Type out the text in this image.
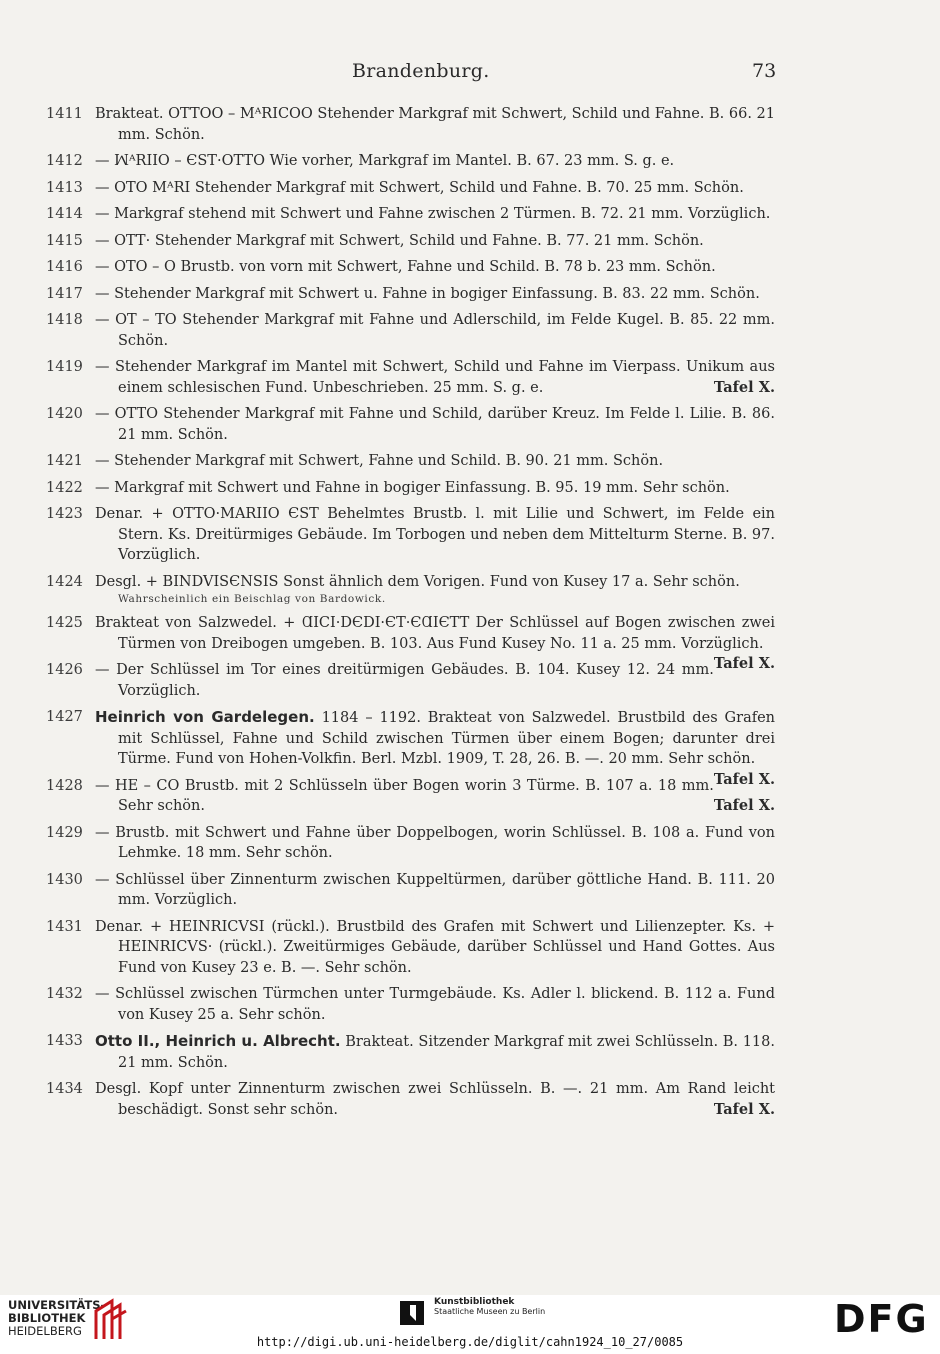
Brandenburg.	73
1411 Brakteat. OTTOO – MᴬRICOO Stehender Markgraf mit Schwert, Schild und Fahne. B. 66. 21 mm. Schön.
1412 — ꟽᴬRIIO – ЄST·OTTO Wie vorher, Markgraf im Mantel. B. 67. 23 mm. S. g. e.
1413 — OTO MᴬRI Stehender Markgraf mit Schwert, Schild und Fahne. B. 70. 25 mm. Schön.
1414 — Markgraf stehend mit Schwert und Fahne zwischen 2 Türmen. B. 72. 21 mm. Vorzüglich.
1415 — OTT· Stehender Markgraf mit Schwert, Schild und Fahne. B. 77. 21 mm. Schön.
1416 — OTO – O Brustb. von vorn mit Schwert, Fahne und Schild. B. 78 b. 23 mm. Schön.
1417 — Stehender Markgraf mit Schwert u. Fahne in bogiger Einfassung. B. 83. 22 mm. Schön.
1418 — OT – TO Stehender Markgraf mit Fahne und Adlerschild, im Felde Kugel. B. 85. 22 mm. Schön.
1419 — Stehender Markgraf im Mantel mit Schwert, Schild und Fahne im Vierpass. Unikum aus einem schlesischen Fund. Unbeschrieben. 25 mm. S. g. e.	Tafel X.
1420 — OTTO Stehender Markgraf mit Fahne und Schild, darüber Kreuz. Im Felde l. Lilie. B. 86. 21 mm. Schön.
1421 — Stehender Markgraf mit Schwert, Fahne und Schild. B. 90. 21 mm. Schön.
1422 — Markgraf mit Schwert und Fahne in bogiger Einfassung. B. 95. 19 mm. Sehr schön.
1423 Denar. + OTTO·MARIIO ЄST Behelmtes Brustb. l. mit Lilie und Schwert, im Felde ein Stern. Ks. Dreitürmiges Gebäude. Im Torbogen und neben dem Mittelturm Sterne. B. 97. Vorzüglich.
1424 Desgl. + BINDVISЄNSIS Sonst ähnlich dem Vorigen. Fund von Kusey 17 a. Sehr schön.
Wahrscheinlich ein Beischlag von Bardowick.
1425 Brakteat von Salzwedel. + ⱭIⅭI·DЄDI·ЄT·ЄⱭIЄTT Der Schlüssel auf Bogen zwischen zwei Türmen von Dreibogen umgeben. B. 103. Aus Fund Kusey No. 11 a. 25 mm. Vorzüglich.
Tafel X.
1426 — Der Schlüssel im Tor eines dreitürmigen Gebäudes. B. 104. Kusey 12. 24 mm. Vorzüglich.
1427 Heinrich von Gardelegen. 1184 – 1192. Brakteat von Salzwedel. Brustbild des Grafen mit Schlüssel, Fahne und Schild zwischen Türmen über einem Bogen; darunter drei Türme. Fund von Hohen-Volkfin. Berl. Mzbl. 1909, T. 28, 26. B. —. 20 mm. Sehr schön.
Tafel X.
1428 — HE – CO Brustb. mit 2 Schlüsseln über Bogen worin 3 Türme. B. 107 a. 18 mm. Sehr schön.	Tafel X.
1429 — Brustb. mit Schwert und Fahne über Doppelbogen, worin Schlüssel. B. 108 a. Fund von Lehmke. 18 mm. Sehr schön.
1430 — Schlüssel über Zinnenturm zwischen Kuppeltürmen, darüber göttliche Hand. B. 111. 20 mm. Vorzüglich.
1431 Denar. + HEINRICVSI (rückl.). Brustbild des Grafen mit Schwert und Lilienzepter. Ks. + HEINRICVS· (rückl.). Zweitürmiges Gebäude, darüber Schlüssel und Hand Gottes. Aus Fund von Kusey 23 e. B. —. Sehr schön.
1432 — Schlüssel zwischen Türmchen unter Turmgebäude. Ks. Adler l. blickend. B. 112 a. Fund von Kusey 25 a. Sehr schön.
1433 Otto II., Heinrich u. Albrecht. Brakteat. Sitzender Markgraf mit zwei Schlüsseln. B. 118. 21 mm. Schön.
1434 Desgl. Kopf unter Zinnenturm zwischen zwei Schlüsseln. B. —. 21 mm. Am Rand leicht beschädigt. Sonst sehr schön.	Tafel X.
UNIVERSITÄTS-
BIBLIOTHEK
HEIDELBERG
Kunstbibliothek
Staatliche Museen zu Berlin	DFG
http://digi.ub.uni-heidelberg.de/diglit/cahn1924_10_27/0085
